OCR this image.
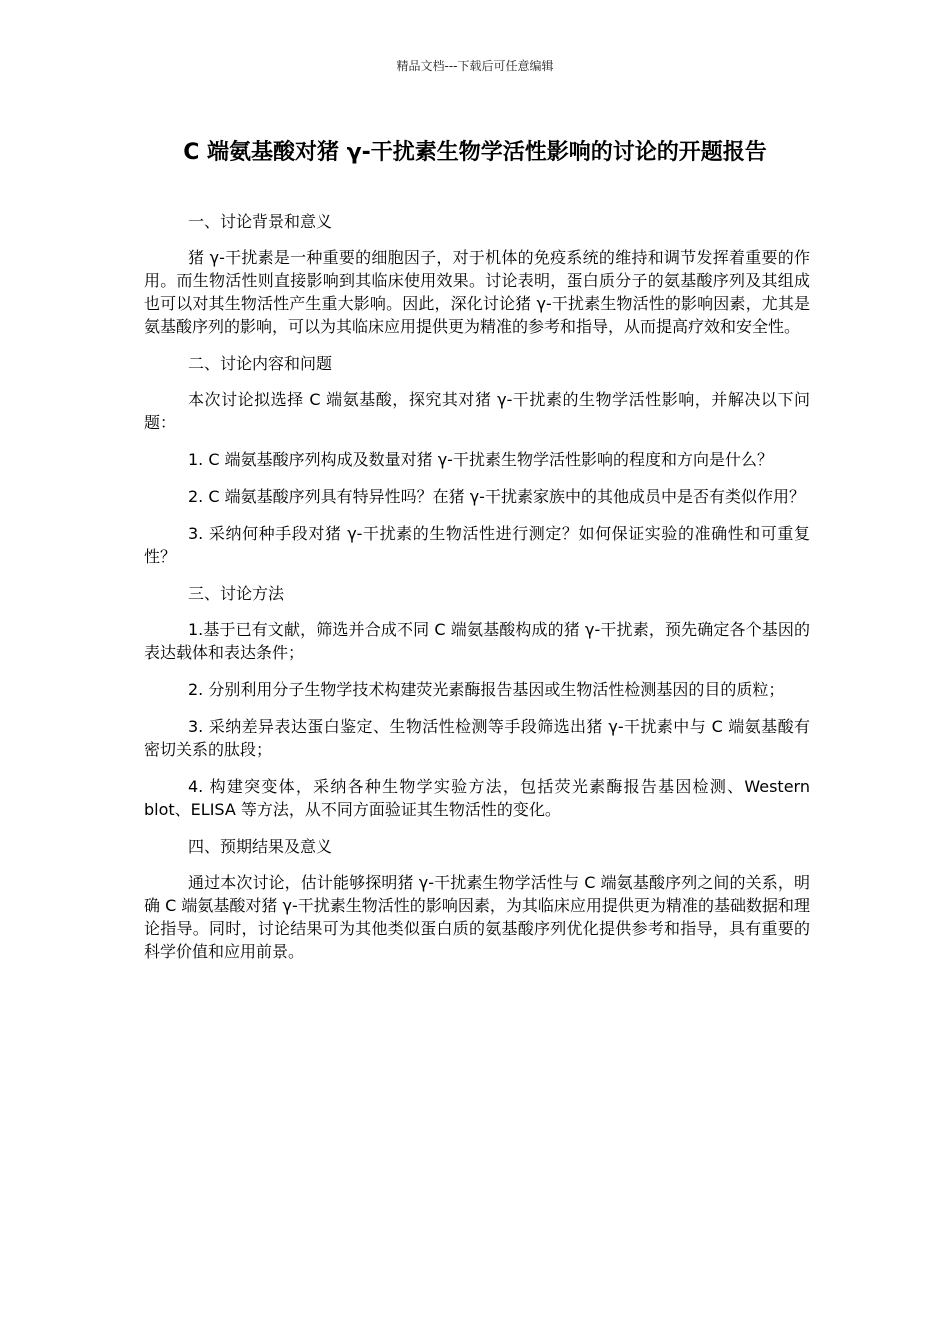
精品文档---下载后可任意编辑
C 端氨基酸对猪 γ-干扰素生物学活性影响的讨论的开题报告

一、讨论背景和意义

猪 γ-干扰素是一种重要的细胞因子，对于机体的免疫系统的维持和调节发挥着重要的作用。而生物活性则直接影响到其临床使用效果。讨论表明，蛋白质分子的氨基酸序列及其组成也可以对其生物活性产生重大影响。因此，深化讨论猪 γ-干扰素生物活性的影响因素，尤其是氨基酸序列的影响，可以为其临床应用提供更为精准的参考和指导，从而提高疗效和安全性。

二、讨论内容和问题

本次讨论拟选择 C 端氨基酸，探究其对猪 γ-干扰素的生物学活性影响，并解决以下问题：

1. C 端氨基酸序列构成及数量对猪 γ-干扰素生物学活性影响的程度和方向是什么？

2. C 端氨基酸序列具有特异性吗？在猪 γ-干扰素家族中的其他成员中是否有类似作用？

3. 采纳何种手段对猪 γ-干扰素的生物活性进行测定？如何保证实验的准确性和可重复性？

三、讨论方法

1.基于已有文献，筛选并合成不同 C 端氨基酸构成的猪 γ-干扰素，预先确定各个基因的表达载体和表达条件；

2. 分别利用分子生物学技术构建荧光素酶报告基因或生物活性检测基因的目的质粒；

3. 采纳差异表达蛋白鉴定、生物活性检测等手段筛选出猪 γ-干扰素中与 C 端氨基酸有密切关系的肽段；

4. 构建突变体，采纳各种生物学实验方法，包括荧光素酶报告基因检测、Western blot、ELISA 等方法，从不同方面验证其生物活性的变化。

四、预期结果及意义

通过本次讨论，估计能够探明猪 γ-干扰素生物学活性与 C 端氨基酸序列之间的关系，明确 C 端氨基酸对猪 γ-干扰素生物活性的影响因素，为其临床应用提供更为精准的基础数据和理论指导。同时，讨论结果可为其他类似蛋白质的氨基酸序列优化提供参考和指导，具有重要的科学价值和应用前景。
